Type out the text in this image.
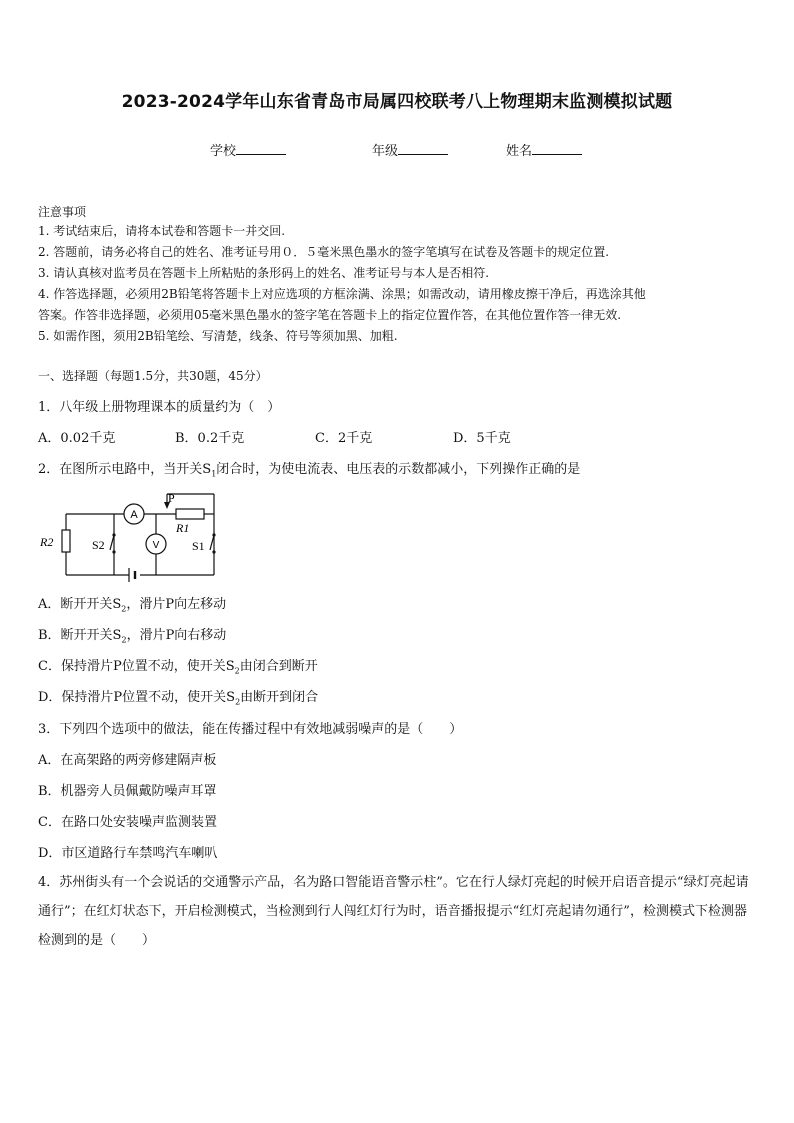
2023-2024学年山东省青岛市局属四校联考八上物理期末监测模拟试题
学校	年级	姓名
注意事项
1. 考试结束后，请将本试卷和答题卡一并交回.
2. 答题前，请务必将自己的姓名、准考证号用０．５毫米黑色墨水的签字笔填写在试卷及答题卡的规定位置.
3. 请认真核对监考员在答题卡上所粘贴的条形码上的姓名、准考证号与本人是否相符.
4. 作答选择题，必须用2B铅笔将答题卡上对应选项的方框涂满、涂黑；如需改动，请用橡皮擦干净后，再选涂其他
答案。作答非选择题，必须用05毫米黑色墨水的签字笔在答题卡上的指定位置作答，在其他位置作答一律无效.
5. 如需作图，须用2B铅笔绘、写清楚，线条、符号等须加黑、加粗.
一、选择题（每题1.5分，共30题，45分）
1．八年级上册物理课本的质量约为（　）
A．0.02千克	B．0.2千克	C．2千克	D．5千克
2．在图所示电路中，当开关$S_1$闭合时，为使电流表、电压表的示数都减小，下列操作正确的是
A
V
R2	S2
P
R1
S1
A．断开开关$S_2$，滑片P向左移动
B．断开开关$S_2$，滑片P向右移动
C．保持滑片P位置不动，使开关$S_2$由闭合到断开
D．保持滑片P位置不动，使开关$S_2$由断开到闭合
3．下列四个选项中的做法，能在传播过程中有效地减弱噪声的是（　　）
A．在高架路的两旁修建隔声板
B．机器旁人员佩戴防噪声耳罩
C．在路口处安装噪声监测装置
D．市区道路行车禁鸣汽车喇叭
4．苏州街头有一个会说话的交通警示产品，名为路口智能语音警示柱”。它在行人绿灯亮起的时候开启语音提示“绿灯亮起请通行”；在红灯状态下，开启检测模式，当检测到行人闯红灯行为时，语音播报提示“红灯亮起请勿通行”，检测模式下检测器检测到的是（　　）
